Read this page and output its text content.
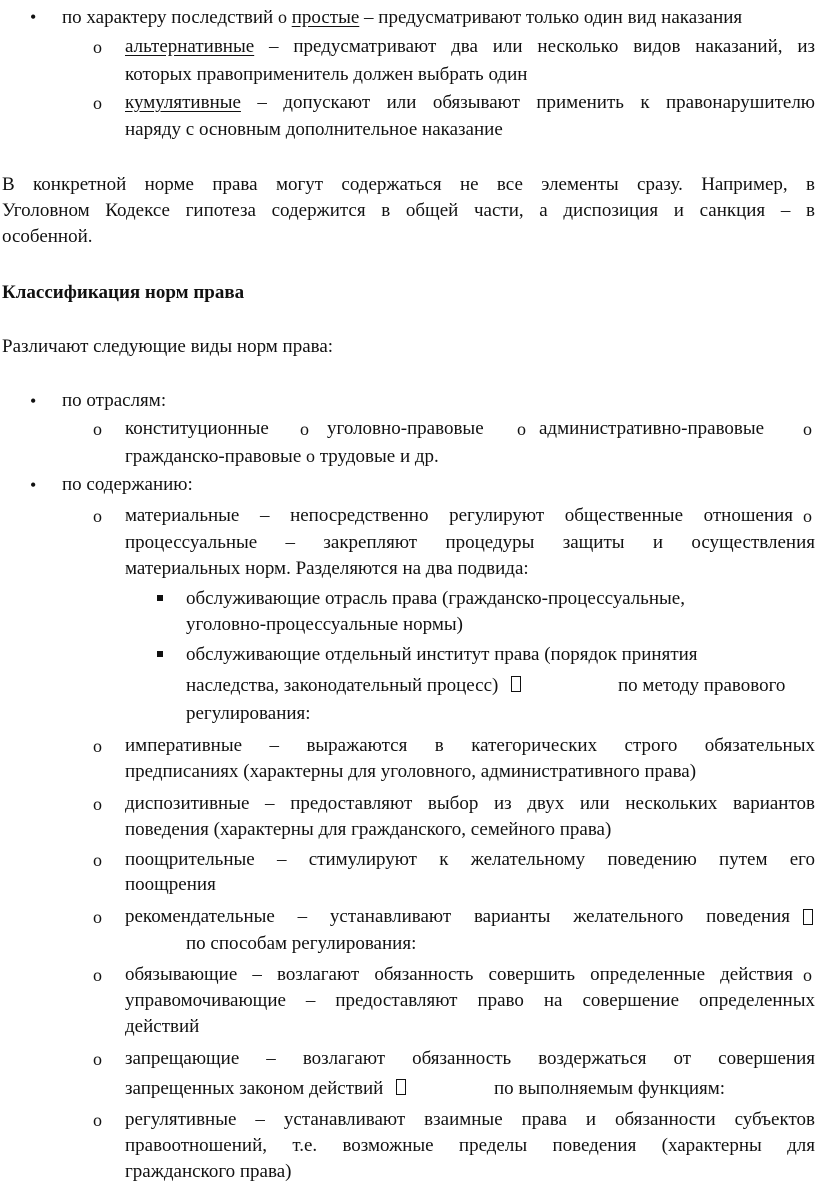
• по характеру последствий o простые – предусматривают только один вид наказания
o альтернативные – предусматривают два или несколько видов наказаний, из
которых правоприменитель должен выбрать один
o кумулятивные – допускают или обязывают применить к правонарушителю
наряду с основным дополнительное наказание
В конкретной норме права могут содержаться не все элементы сразу. Например, в
Уголовном Кодексе гипотеза содержится в общей части, а диспозиция и санкция – в
особенной.
Классификация норм права
Различают следующие виды норм права:
• по отраслям:
o конституционные o уголовно-правовые o административно-правовые o
гражданско-правовые o трудовые и др.
• по содержанию:
o материальные – непосредственно регулируют общественные отношения o
процессуальные – закрепляют процедуры защиты и осуществления
материальных норм. Разделяются на два подвида:
обслуживающие отрасль права (гражданско-процессуальные,
уголовно-процессуальные нормы)
обслуживающие отдельный институт права (порядок принятия
наследства, законодательный процесс)	по методу правового
регулирования:
o императивные – выражаются в категорических строго обязательных
предписаниях (характерны для уголовного, административного права)
o диспозитивные – предоставляют выбор из двух или нескольких вариантов
поведения (характерны для гражданского, семейного права)
o поощрительные – стимулируют к желательному поведению путем его
поощрения
o рекомендательные – устанавливают варианты желательного поведения
по способам регулирования:
o обязывающие – возлагают обязанность совершить определенные действия o
управомочивающие – предоставляют право на совершение определенных
действий
o запрещающие – возлагают обязанность воздержаться от совершения
запрещенных законом действий	по выполняемым функциям:
o регулятивные – устанавливают взаимные права и обязанности субъектов
правоотношений, т.е. возможные пределы поведения (характерны для
гражданского права)
